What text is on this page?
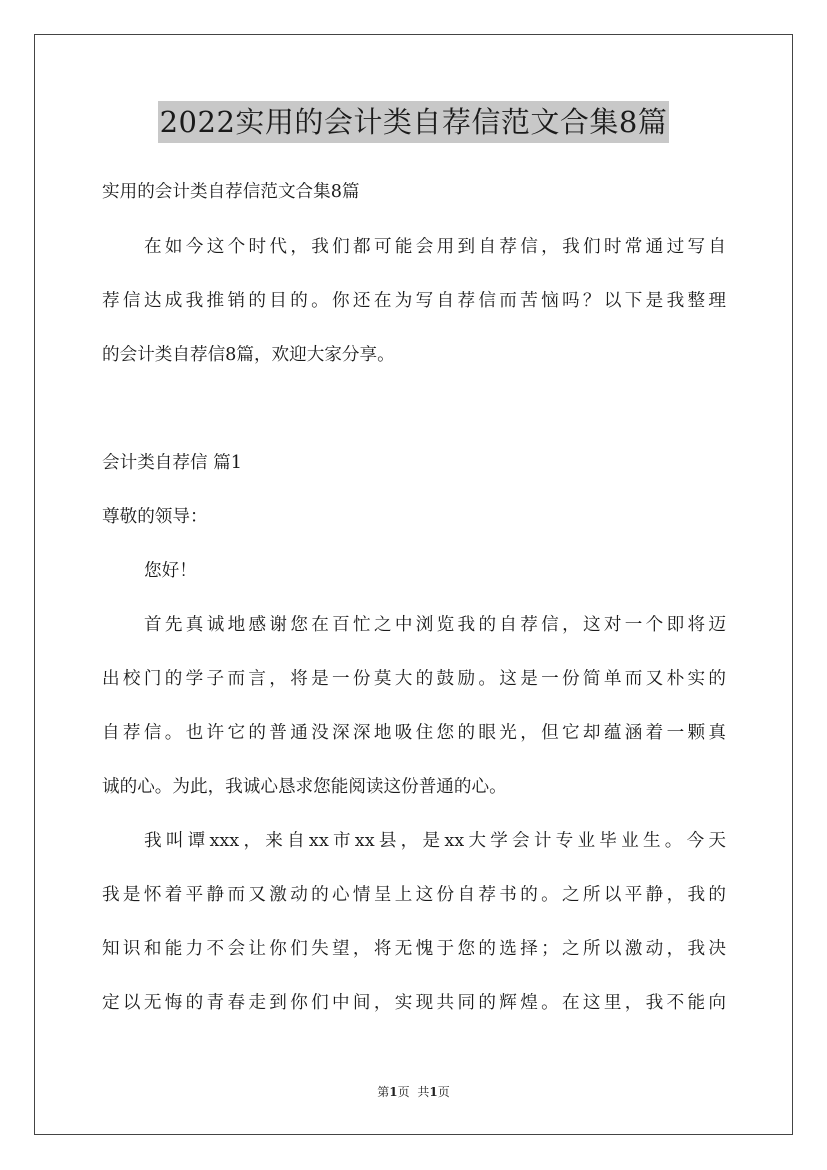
2022实用的会计类自荐信范文合集8篇
实用的会计类自荐信范文合集8篇
在如今这个时代，我们都可能会用到自荐信，我们时常通过写自
荐信达成我推销的目的。你还在为写自荐信而苦恼吗？以下是我整理
的会计类自荐信8篇，欢迎大家分享。
会计类自荐信 篇1
尊敬的领导：
您好！
首先真诚地感谢您在百忙之中浏览我的自荐信，这对一个即将迈
出校门的学子而言，将是一份莫大的鼓励。这是一份简单而又朴实的
自荐信。也许它的普通没深深地吸住您的眼光，但它却蕴涵着一颗真
诚的心。为此，我诚心恳求您能阅读这份普通的心。
我叫谭xxx，来自xx市xx县，是xx大学会计专业毕业生。今天
我是怀着平静而又激动的心情呈上这份自荐书的。之所以平静，我的
知识和能力不会让你们失望，将无愧于您的选择；之所以激动，我决
定以无悔的青春走到你们中间，实现共同的辉煌。在这里，我不能向
第1页 共1页
